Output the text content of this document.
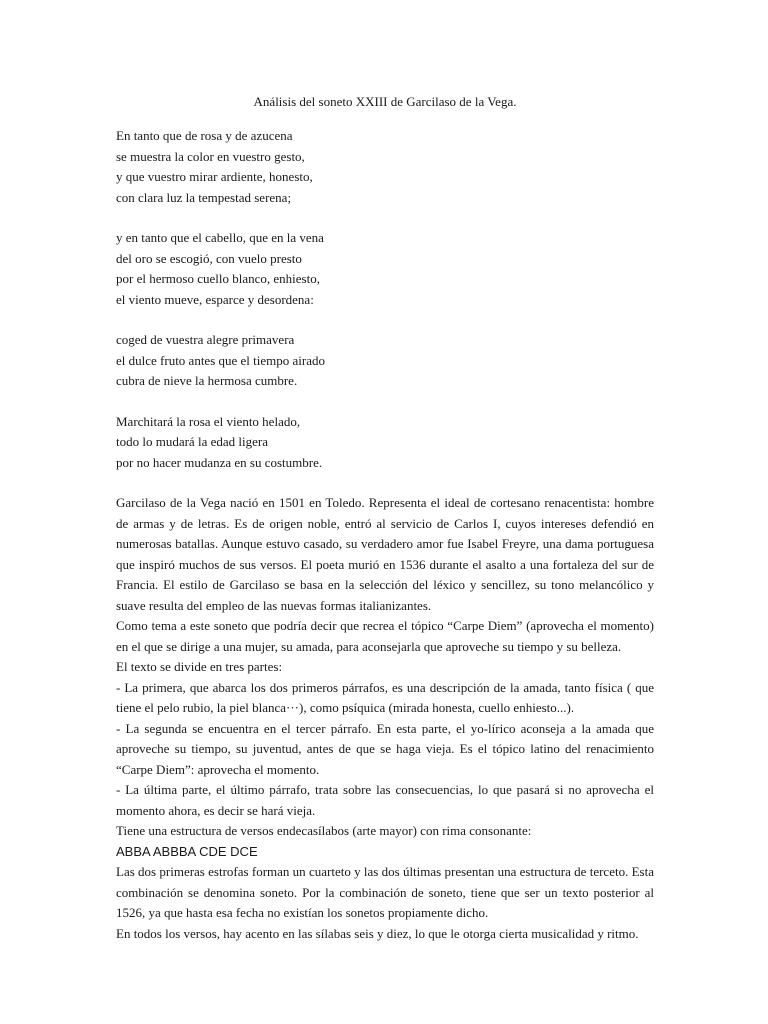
Análisis del soneto XXIII de Garcilaso de la Vega.
En tanto que de rosa y de azucena
se muestra la color en vuestro gesto,
y que vuestro mirar ardiente, honesto,
con clara luz la tempestad serena;
y en tanto que el cabello, que en la vena
del oro se escogió, con vuelo presto
por el hermoso cuello blanco, enhiesto,
el viento mueve, esparce y desordena:
coged de vuestra alegre primavera
el dulce fruto antes que el tiempo airado
cubra de nieve la hermosa cumbre.
Marchitará la rosa el viento helado,
todo lo mudará la edad ligera
por no hacer mudanza en su costumbre.

Garcilaso de la Vega nació en 1501 en Toledo. Representa el ideal de cortesano renacentista: hombre de armas y de letras. Es de origen noble, entró al servicio de Carlos I, cuyos intereses defendió en numerosas batallas. Aunque estuvo casado, su verdadero amor fue Isabel Freyre, una dama portuguesa que inspiró muchos de sus versos. El poeta murió en 1536 durante el asalto a una fortaleza del sur de Francia. El estilo de Garcilaso se basa en la selección del léxico y sencillez, su tono melancólico y suave resulta del empleo de las nuevas formas italianizantes.

Como tema a este soneto que podría decir que recrea el tópico “Carpe Diem” (aprovecha el momento) en el que se dirige a una mujer, su amada, para aconsejarla que aproveche su tiempo y su belleza.

El texto se divide en tres partes:

- La primera, que abarca los dos primeros párrafos, es una descripción de la amada, tanto física ( que tiene el pelo rubio, la piel blanca···), como psíquica (mirada honesta, cuello enhiesto...).

- La segunda se encuentra en el tercer párrafo. En esta parte, el yo-lírico aconseja a la amada que aproveche su tiempo, su juventud, antes de que se haga vieja. Es el tópico latino del renacimiento “Carpe Diem”: aprovecha el momento.

- La última parte, el último párrafo, trata sobre las consecuencias, lo que pasará si no aprovecha el momento ahora, es decir se hará vieja.

Tiene una estructura de versos endecasílabos (arte mayor) con rima consonante:

ABBA ABBBA CDE DCE

Las dos primeras estrofas forman un cuarteto y las dos últimas presentan una estructura de terceto. Esta combinación se denomina soneto. Por la combinación de soneto, tiene que ser un texto posterior al 1526, ya que hasta esa fecha no existían los sonetos propiamente dicho.

En todos los versos, hay acento en las sílabas seis y diez, lo que le otorga cierta musicalidad y ritmo.
